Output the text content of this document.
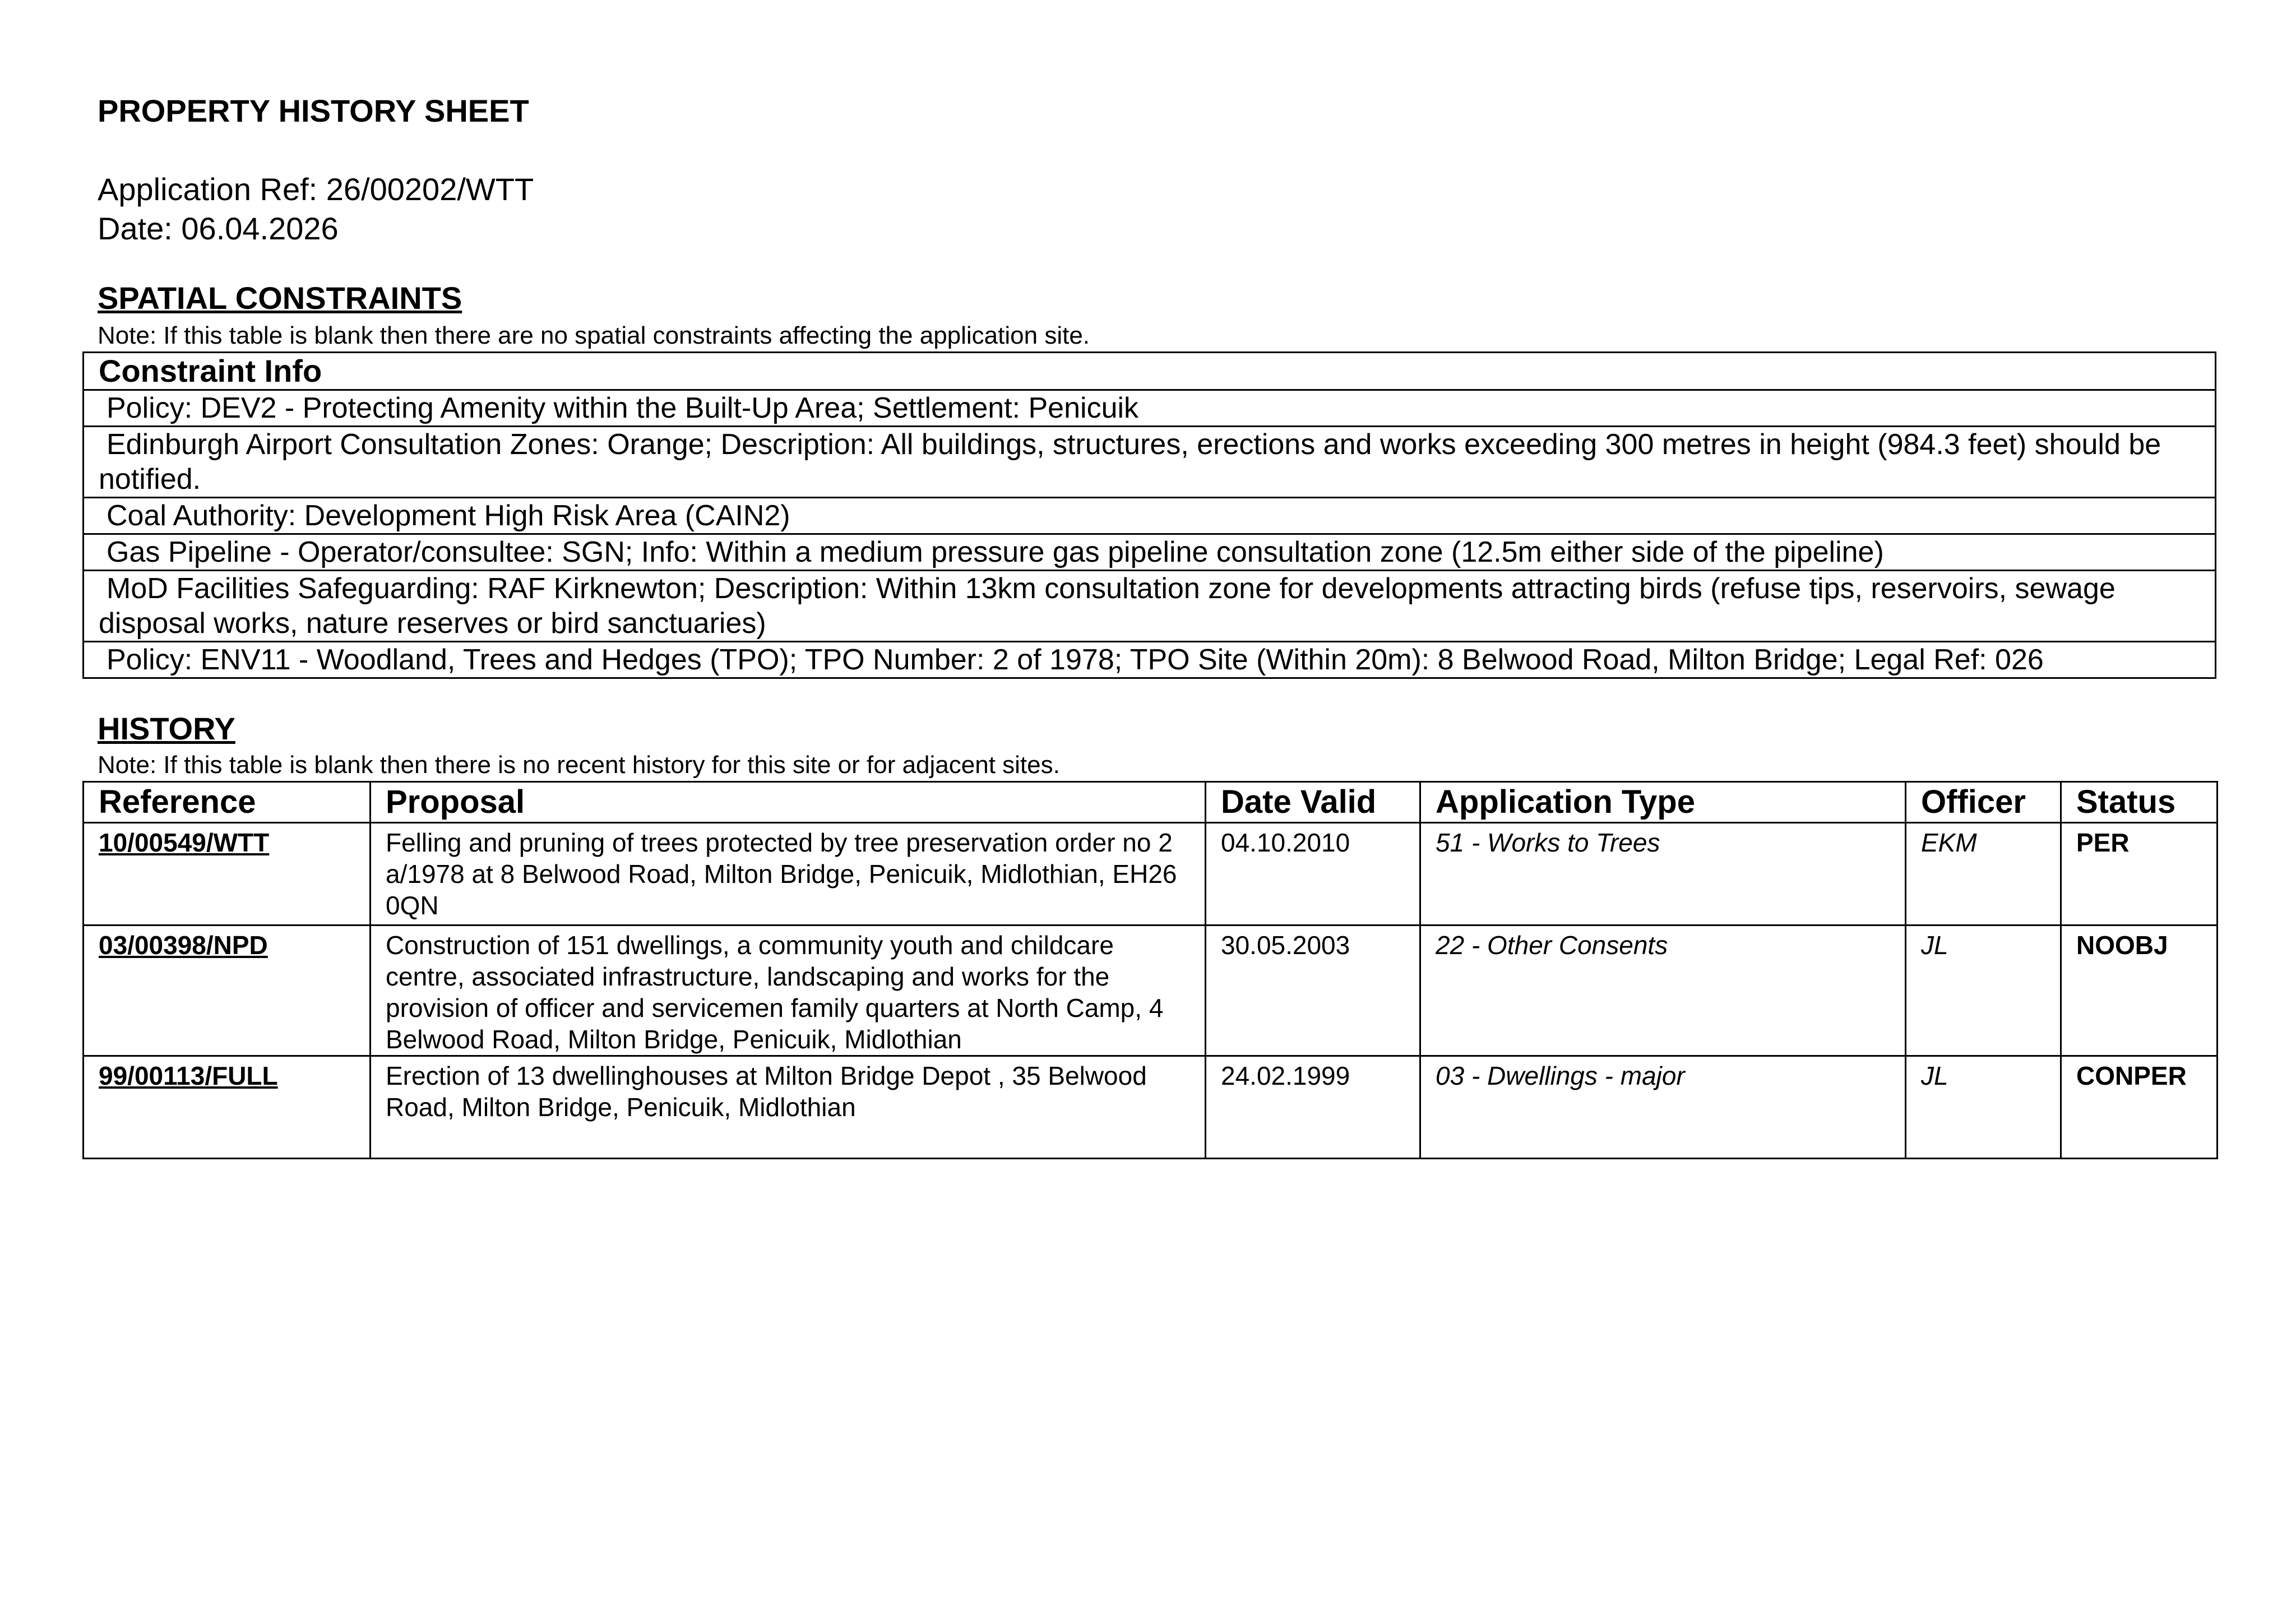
PROPERTY HISTORY SHEET
Application Ref: 26/00202/WTT
Date: 06.04.2026
SPATIAL CONSTRAINTS
Note: If this table is blank then there are no spatial constraints affecting the application site.
Constraint Info
Policy: DEV2 - Protecting Amenity within the Built-Up Area; Settlement: Penicuik
Edinburgh Airport Consultation Zones: Orange; Description: All buildings, structures, erections and works exceeding 300 metres in height (984.3 feet) should be notified.
Coal Authority: Development High Risk Area (CAIN2)
Gas Pipeline - Operator/consultee: SGN; Info: Within a medium pressure gas pipeline consultation zone (12.5m either side of the pipeline)
MoD Facilities Safeguarding: RAF Kirknewton; Description: Within 13km consultation zone for developments attracting birds (refuse tips, reservoirs, sewage disposal works, nature reserves or bird sanctuaries)
Policy: ENV11 - Woodland, Trees and Hedges (TPO); TPO Number: 2 of 1978; TPO Site (Within 20m): 8 Belwood Road, Milton Bridge; Legal Ref: 026
HISTORY
Note: If this table is blank then there is no recent history for this site or for adjacent sites.
Reference	Proposal	Date Valid	Application Type	Officer	Status
10/00549/WTT	Felling and pruning of trees protected by tree preservation order no 2 a/1978 at 8 Belwood Road, Milton Bridge, Penicuik, Midlothian, EH26 0QN	04.10.2010	51 - Works to Trees	EKM	PER
03/00398/NPD	Construction of 151 dwellings, a community youth and childcare centre, associated infrastructure, landscaping and works for the provision of officer and servicemen family quarters at North Camp, 4 Belwood Road, Milton Bridge, Penicuik, Midlothian	30.05.2003	22 - Other Consents	JL	NOOBJ
99/00113/FULL	Erection of 13 dwellinghouses at Milton Bridge Depot , 35 Belwood Road, Milton Bridge, Penicuik, Midlothian	24.02.1999	03 - Dwellings - major	JL	CONPER
